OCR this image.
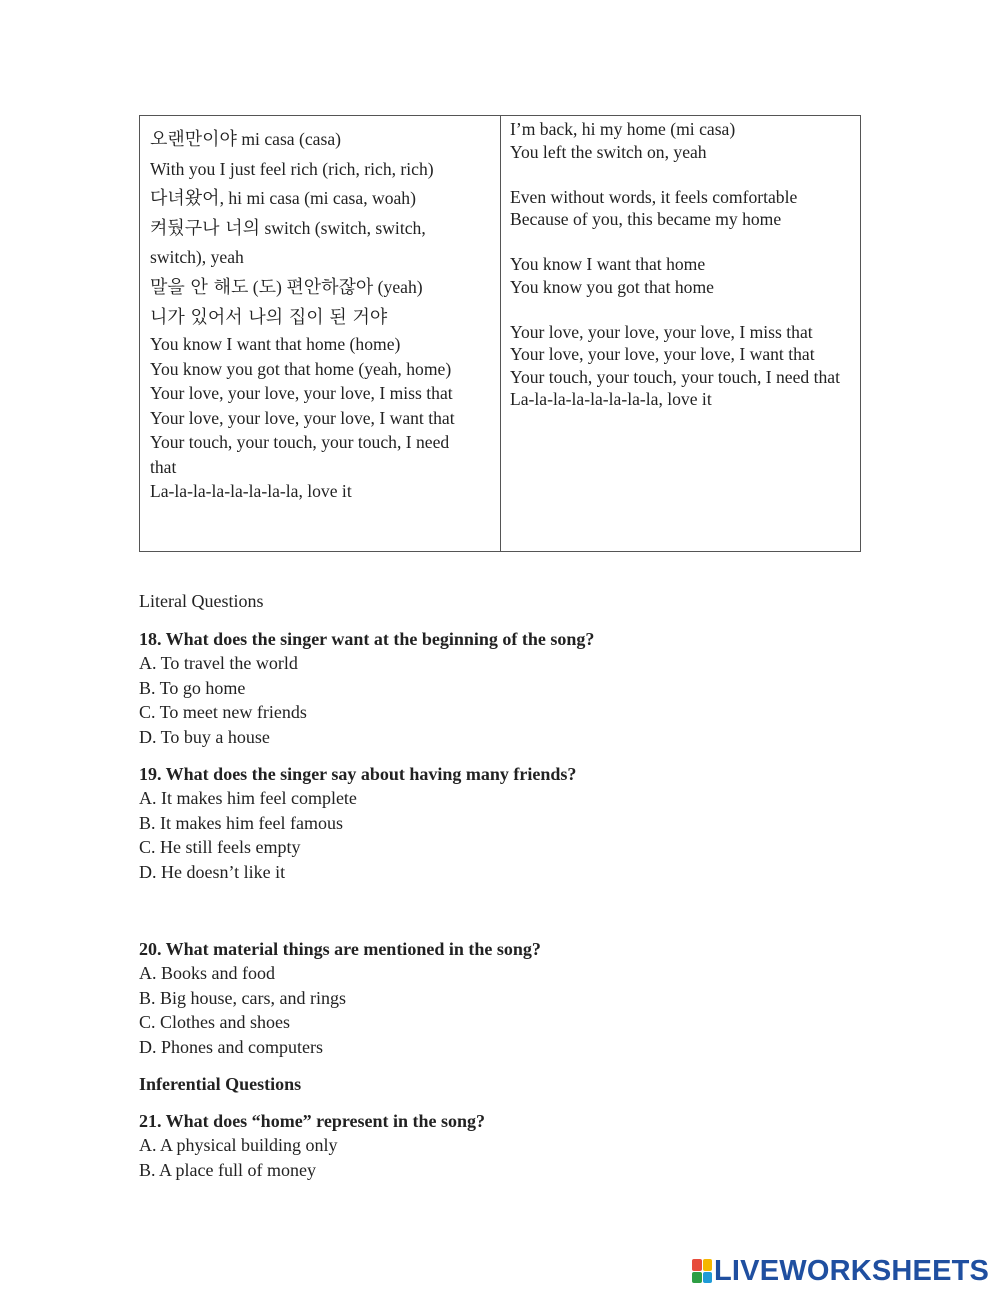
오랜만이야 mi casa (casa)
With you I just feel rich (rich, rich, rich)
다녀왔어, hi mi casa (mi casa, woah)
켜뒀구나 너의 switch (switch, switch,
switch), yeah
말을 안 해도 (도) 편안하잖아 (yeah)
니가 있어서 나의 집이 된 거야
You know I want that home (home)
You know you got that home (yeah, home)
Your love, your love, your love, I miss that
Your love, your love, your love, I want that
Your touch, your touch, your touch, I need
that
La-la-la-la-la-la-la-la, love it
I’m back, hi my home (mi casa)
You left the switch on, yeah
Even without words, it feels comfortable
Because of you, this became my home
You know I want that home
You know you got that home
Your love, your love, your love, I miss that
Your love, your love, your love, I want that
Your touch, your touch, your touch, I need that
La-la-la-la-la-la-la-la, love it

Literal Questions

18. What does the singer want at the beginning of the song?

A. To travel the world

B. To go home

C. To meet new friends

D. To buy a house

19. What does the singer say about having many friends?

A. It makes him feel complete

B. It makes him feel famous

C. He still feels empty

D. He doesn’t like it

20. What material things are mentioned in the song?

A. Books and food

B. Big house, cars, and rings

C. Clothes and shoes

D. Phones and computers

Inferential Questions

21. What does “home” represent in the song?

A. A physical building only

B. A place full of money

LIVEWORKSHEETS
